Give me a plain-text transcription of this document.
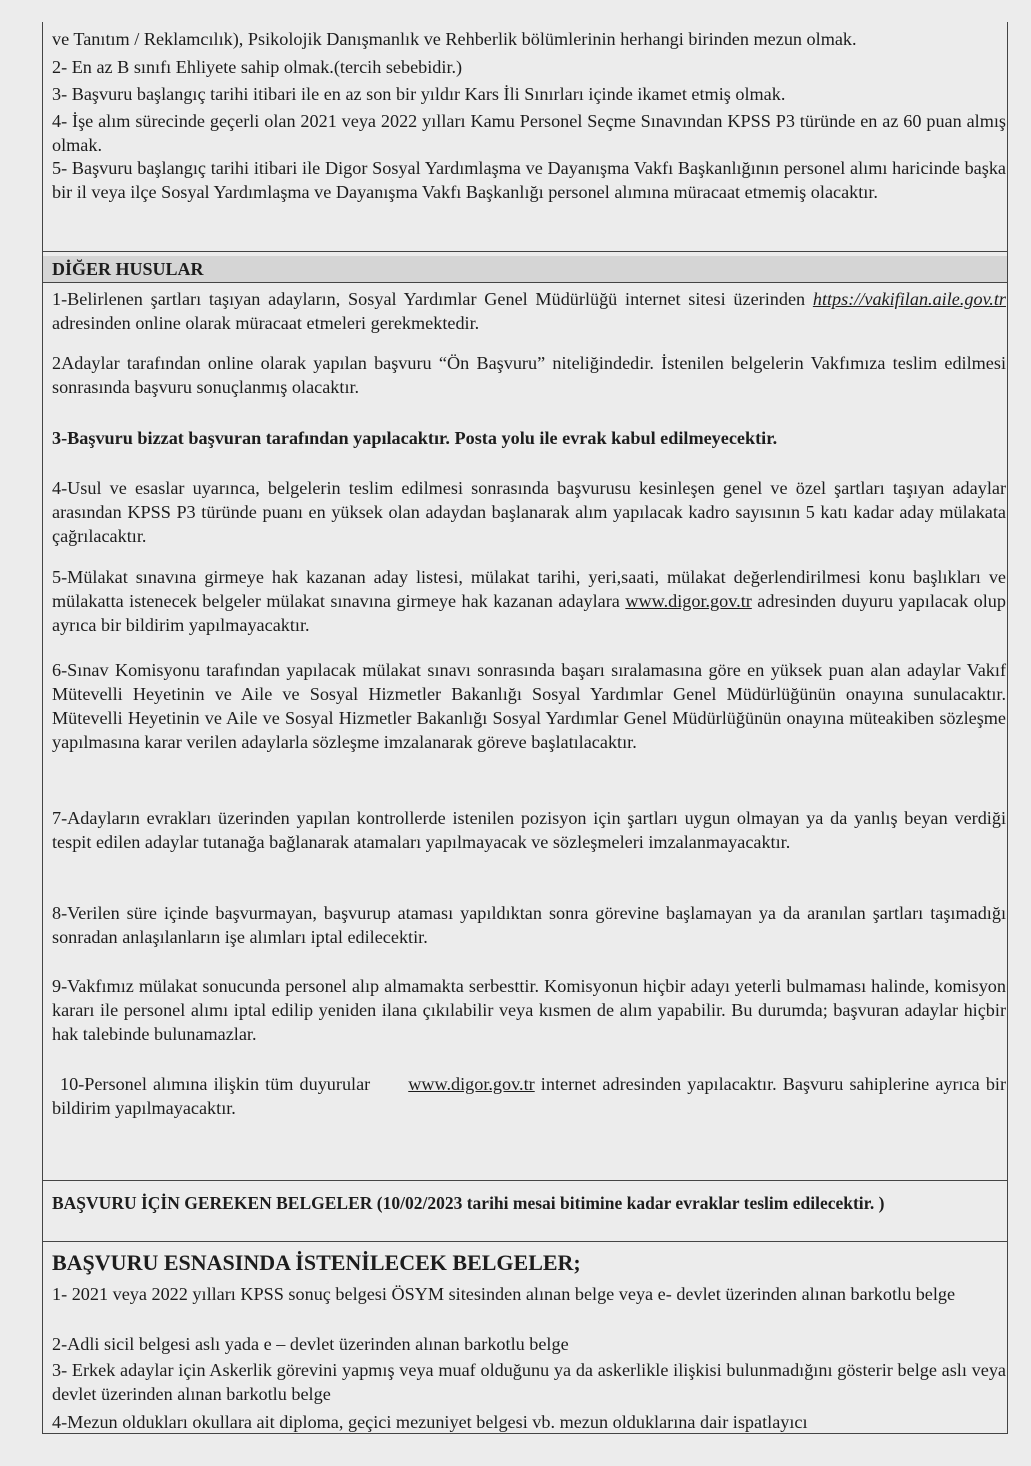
ve Tanıtım / Reklamcılık), Psikolojik Danışmanlık ve Rehberlik bölümlerinin herhangi birinden mezun olmak.

2- En az B sınıfı Ehliyete sahip olmak.(tercih sebebidir.)

3- Başvuru başlangıç tarihi itibari ile en az son bir yıldır Kars İli Sınırları içinde ikamet etmiş olmak.

4- İşe alım sürecinde geçerli olan 2021 veya 2022 yılları Kamu Personel Seçme Sınavından KPSS P3 türünde en az 60 puan almış olmak.

5- Başvuru başlangıç tarihi itibari ile Digor Sosyal Yardımlaşma ve Dayanışma Vakfı Başkanlığının personel alımı haricinde başka bir il veya ilçe Sosyal Yardımlaşma ve Dayanışma Vakfı Başkanlığı personel alımına müracaat etmemiş olacaktır.

DİĞER HUSULAR

1-Belirlenen şartları taşıyan adayların, Sosyal Yardımlar Genel Müdürlüğü internet sitesi üzerinden https://vakifilan.aile.gov.tr adresinden online olarak müracaat etmeleri gerekmektedir.

2Adaylar tarafından online olarak yapılan başvuru “Ön Başvuru” niteliğindedir. İstenilen belgelerin Vakfımıza teslim edilmesi sonrasında başvuru sonuçlanmış olacaktır.

3-Başvuru bizzat başvuran tarafından yapılacaktır. Posta yolu ile evrak kabul edilmeyecektir.

4-Usul ve esaslar uyarınca, belgelerin teslim edilmesi sonrasında başvurusu kesinleşen genel ve özel şartları taşıyan adaylar arasından KPSS P3 türünde puanı en yüksek olan adaydan başlanarak alım yapılacak kadro sayısının 5 katı kadar aday mülakata çağrılacaktır.

5-Mülakat sınavına girmeye hak kazanan aday listesi, mülakat tarihi, yeri,saati, mülakat değerlendirilmesi konu başlıkları ve mülakatta istenecek belgeler mülakat sınavına girmeye hak kazanan adaylara www.digor.gov.tr adresinden duyuru yapılacak olup ayrıca bir bildirim yapılmayacaktır.

6-Sınav Komisyonu tarafından yapılacak mülakat sınavı sonrasında başarı sıralamasına göre en yüksek puan alan adaylar Vakıf Mütevelli Heyetinin ve Aile ve Sosyal Hizmetler Bakanlığı Sosyal Yardımlar Genel Müdürlüğünün onayına sunulacaktır. Mütevelli Heyetinin ve Aile ve Sosyal Hizmetler Bakanlığı Sosyal Yardımlar Genel Müdürlüğünün onayına müteakiben sözleşme yapılmasına karar verilen adaylarla sözleşme imzalanarak göreve başlatılacaktır.

7-Adayların evrakları üzerinden yapılan kontrollerde istenilen pozisyon için şartları uygun olmayan ya da yanlış beyan verdiği tespit edilen adaylar tutanağa bağlanarak atamaları yapılmayacak ve sözleşmeleri imzalanmayacaktır.

8-Verilen süre içinde başvurmayan, başvurup ataması yapıldıktan sonra görevine başlamayan ya da aranılan şartları taşımadığı sonradan anlaşılanların işe alımları iptal edilecektir.

9-Vakfımız mülakat sonucunda personel alıp almamakta serbesttir. Komisyonun hiçbir adayı yeterli bulmaması halinde, komisyon kararı ile personel alımı iptal edilip yeniden ilana çıkılabilir veya kısmen de alım yapabilir. Bu durumda; başvuran adaylar hiçbir hak talebinde bulunamazlar.

10-Personel alımına ilişkin tüm duyurular www.digor.gov.tr internet adresinden yapılacaktır. Başvuru sahiplerine ayrıca bir bildirim yapılmayacaktır.

BAŞVURU İÇİN GEREKEN BELGELER (10/02/2023 tarihi mesai bitimine kadar evraklar teslim edilecektir. )
BAŞVURU ESNASINDA İSTENİLECEK BELGELER;

1- 2021 veya 2022 yılları KPSS sonuç belgesi ÖSYM sitesinden alınan belge veya e- devlet üzerinden alınan barkotlu belge

2-Adli sicil belgesi aslı yada e – devlet üzerinden alınan barkotlu belge

3- Erkek adaylar için Askerlik görevini yapmış veya muaf olduğunu ya da askerlikle ilişkisi bulunmadığını gösterir belge aslı veya devlet üzerinden alınan barkotlu belge

4-Mezun oldukları okullara ait diploma, geçici mezuniyet belgesi vb. mezun olduklarına dair ispatlayıcı
